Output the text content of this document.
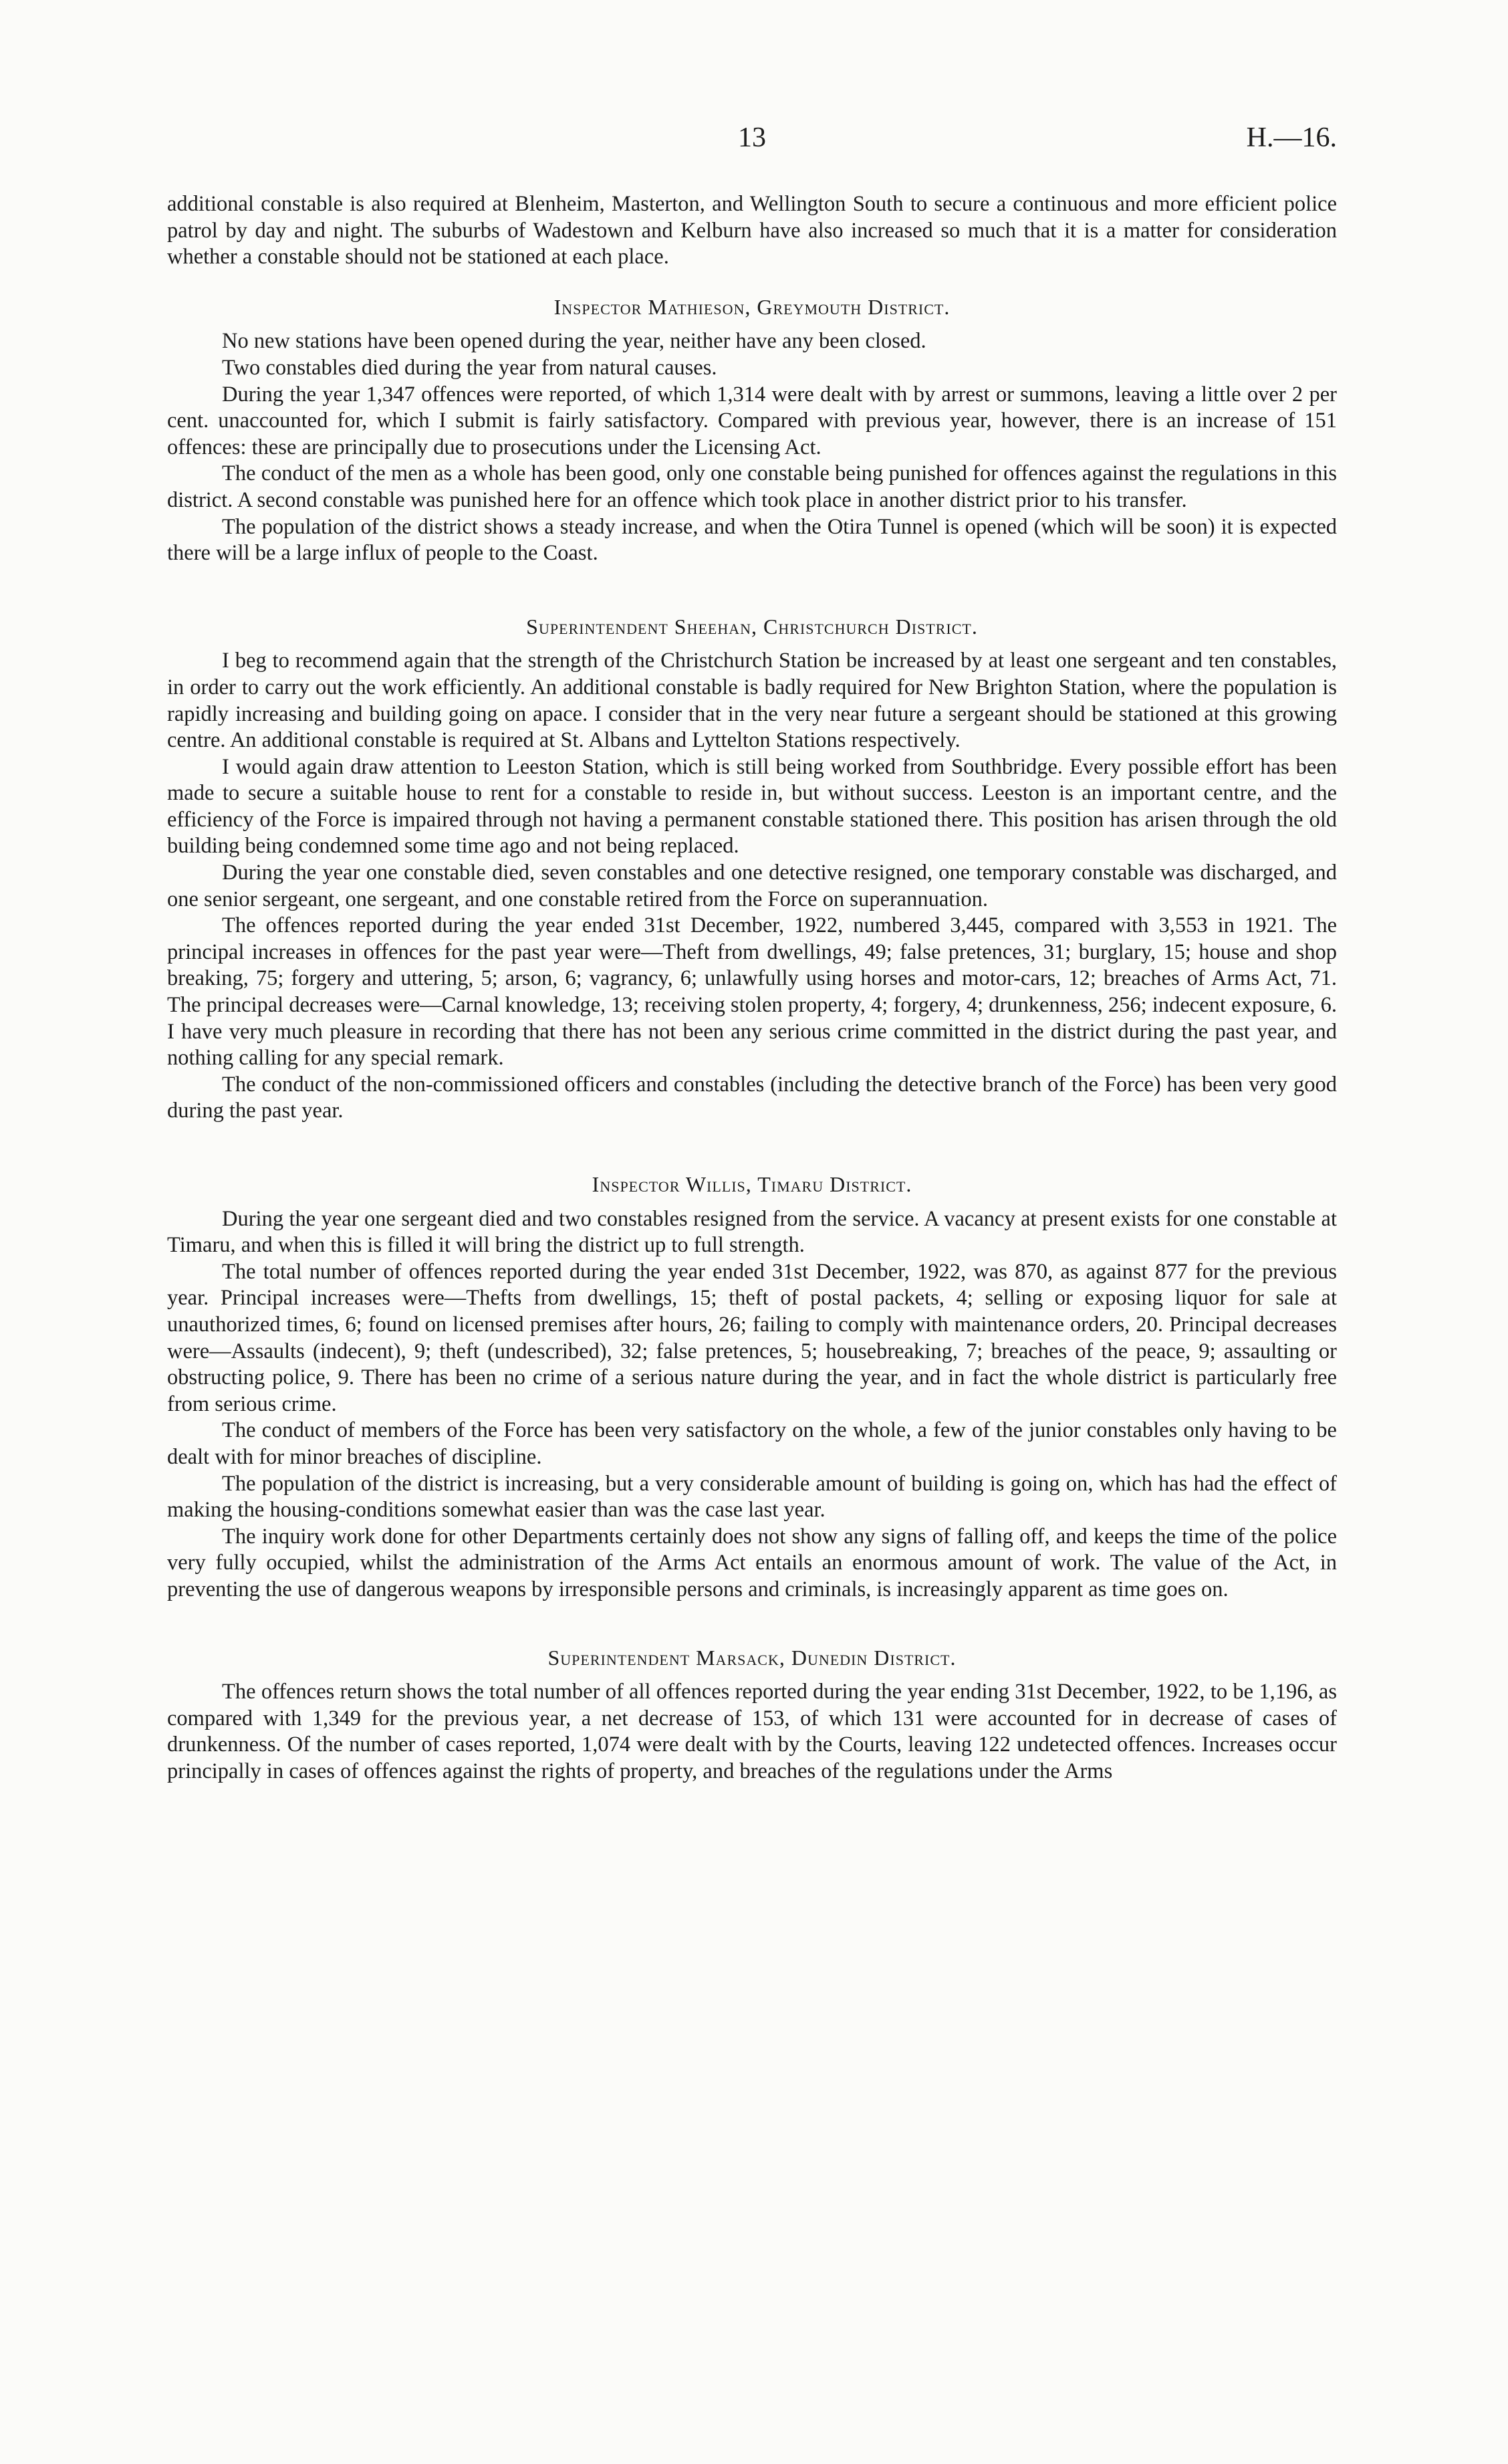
13	H.—16.

additional constable is also required at Blenheim, Masterton, and Wellington South to secure a continuous and more efficient police patrol by day and night. The suburbs of Wadestown and Kelburn have also increased so much that it is a matter for consideration whether a constable should not be stationed at each place.

Inspector Mathieson, Greymouth District.

No new stations have been opened during the year, neither have any been closed.

Two constables died during the year from natural causes.

During the year 1,347 offences were reported, of which 1,314 were dealt with by arrest or summons, leaving a little over 2 per cent. unaccounted for, which I submit is fairly satisfactory. Compared with previous year, however, there is an increase of 151 offences: these are principally due to prosecutions under the Licensing Act.

The conduct of the men as a whole has been good, only one constable being punished for offences against the regulations in this district. A second constable was punished here for an offence which took place in another district prior to his transfer.

The population of the district shows a steady increase, and when the Otira Tunnel is opened (which will be soon) it is expected there will be a large influx of people to the Coast.

Superintendent Sheehan, Christchurch District.

I beg to recommend again that the strength of the Christchurch Station be increased by at least one sergeant and ten constables, in order to carry out the work efficiently. An additional constable is badly required for New Brighton Station, where the population is rapidly increasing and building going on apace. I consider that in the very near future a sergeant should be stationed at this growing centre. An additional constable is required at St. Albans and Lyttelton Stations respectively.

I would again draw attention to Leeston Station, which is still being worked from Southbridge. Every possible effort has been made to secure a suitable house to rent for a constable to reside in, but without success. Leeston is an important centre, and the efficiency of the Force is impaired through not having a permanent constable stationed there. This position has arisen through the old building being condemned some time ago and not being replaced.

During the year one constable died, seven constables and one detective resigned, one temporary constable was discharged, and one senior sergeant, one sergeant, and one constable retired from the Force on superannuation.

The offences reported during the year ended 31st December, 1922, numbered 3,445, compared with 3,553 in 1921. The principal increases in offences for the past year were—Theft from dwellings, 49; false pretences, 31; burglary, 15; house and shop breaking, 75; forgery and uttering, 5; arson, 6; vagrancy, 6; unlawfully using horses and motor-cars, 12; breaches of Arms Act, 71. The principal decreases were—Carnal knowledge, 13; receiving stolen property, 4; forgery, 4; drunkenness, 256; indecent exposure, 6. I have very much pleasure in recording that there has not been any serious crime committed in the district during the past year, and nothing calling for any special remark.

The conduct of the non-commissioned officers and constables (including the detective branch of the Force) has been very good during the past year.

Inspector Willis, Timaru District.

During the year one sergeant died and two constables resigned from the service. A vacancy at present exists for one constable at Timaru, and when this is filled it will bring the district up to full strength.

The total number of offences reported during the year ended 31st December, 1922, was 870, as against 877 for the previous year. Principal increases were—Thefts from dwellings, 15; theft of postal packets, 4; selling or exposing liquor for sale at unauthorized times, 6; found on licensed premises after hours, 26; failing to comply with maintenance orders, 20. Principal decreases were—Assaults (indecent), 9; theft (undescribed), 32; false pretences, 5; housebreaking, 7; breaches of the peace, 9; assaulting or obstructing police, 9. There has been no crime of a serious nature during the year, and in fact the whole district is particularly free from serious crime.

The conduct of members of the Force has been very satisfactory on the whole, a few of the junior constables only having to be dealt with for minor breaches of discipline.

The population of the district is increasing, but a very considerable amount of building is going on, which has had the effect of making the housing-conditions somewhat easier than was the case last year.

The inquiry work done for other Departments certainly does not show any signs of falling off, and keeps the time of the police very fully occupied, whilst the administration of the Arms Act entails an enormous amount of work. The value of the Act, in preventing the use of dangerous weapons by irresponsible persons and criminals, is increasingly apparent as time goes on.

Superintendent Marsack, Dunedin District.

The offences return shows the total number of all offences reported during the year ending 31st December, 1922, to be 1,196, as compared with 1,349 for the previous year, a net decrease of 153, of which 131 were accounted for in decrease of cases of drunkenness. Of the number of cases reported, 1,074 were dealt with by the Courts, leaving 122 undetected offences. Increases occur principally in cases of offences against the rights of property, and breaches of the regulations under the Arms
